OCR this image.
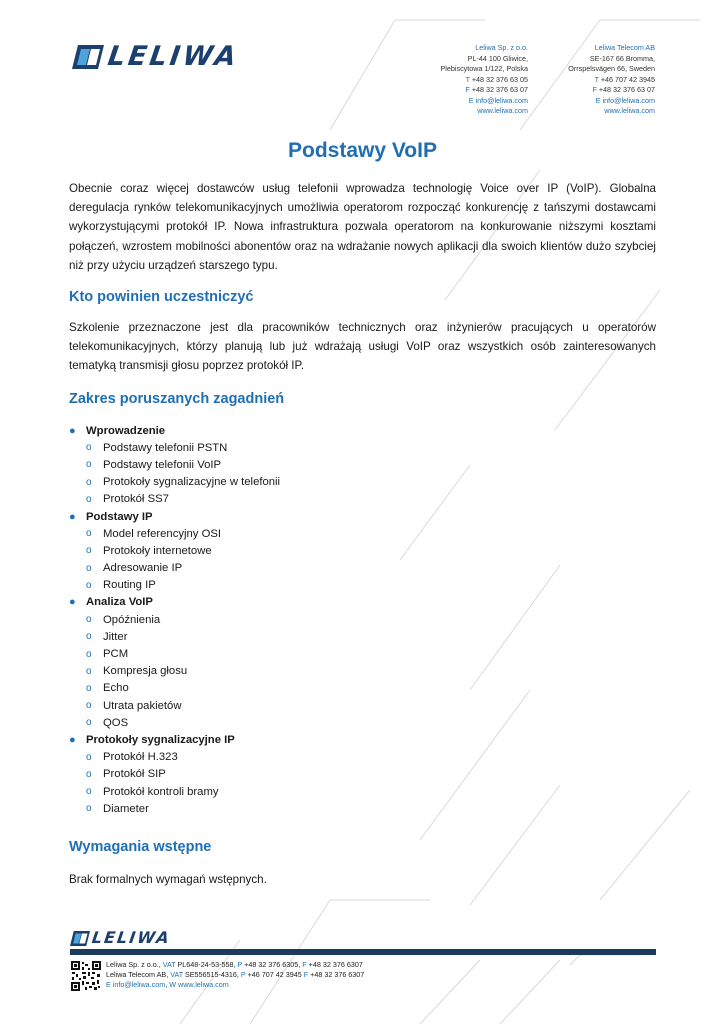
LELIWA	Leliwa Sp. z o.o.
PL-44 100 Gliwice,
Plebiscytowa 1/122, Polska
T +48 32 376 63 05
F +48 32 376 63 07
E info@leliwa.com
www.leliwa.com
Leliwa Telecom AB
SE-167 66 Bromma,
Orrspelsvägen 66, Sweden
T +46 707 42 3945
F +48 32 376 63 07
E info@leliwa.com
www.leliwa.com
Podstawy VoIP

Obecnie coraz więcej dostawców usług telefonii wprowadza technologię Voice over IP (VoIP). Globalna deregulacja rynków telekomunikacyjnych umożliwia operatorom rozpocząć konkurencję z tańszymi dostawcami wykorzystującymi protokół IP. Nowa infrastruktura pozwala operatorom na konkurowanie niższymi kosztami połączeń, wzrostem mobilności abonentów oraz na wdrażanie nowych aplikacji dla swoich klientów dużo szybciej niż przy użyciu urządzeń starszego typu.

Kto powinien uczestniczyć

Szkolenie przeznaczone jest dla pracowników technicznych oraz inżynierów pracujących u operatorów telekomunikacyjnych, którzy planują lub już wdrażają usługi VoIP oraz wszystkich osób zainteresowanych tematyką transmisji głosu poprzez protokół IP.

Zakres poruszanych zagadnień
● Wprowadzenie
o	Podstawy telefonii PSTN
o	Podstawy telefonii VoIP
o	Protokoły sygnalizacyjne w telefonii
o	Protokół SS7
● Podstawy IP
o	Model referencyjny OSI
o	Protokoły internetowe
o	Adresowanie IP
o	Routing IP
● Analiza VoIP
o	Opóźnienia
o	Jitter
o	PCM
o	Kompresja głosu
o	Echo
o	Utrata pakietów
o	QOS
● Protokoły sygnalizacyjne IP
o	Protokół H.323
o	Protokół SIP
o	Protokół kontroli bramy
o	Diameter
Wymagania wstępne

Brak formalnych wymagań wstępnych.

LELIWA
Leliwa Sp. z o.o., VAT PL648-24-53-558, P +48 32 376 6305, F +48 32 376 6307
Leliwa Telecom AB, VAT SE556515-4316, P +46 707 42 3945 F +48 32 376 6307
E info@leliwa.com, W www.leliwa.com
